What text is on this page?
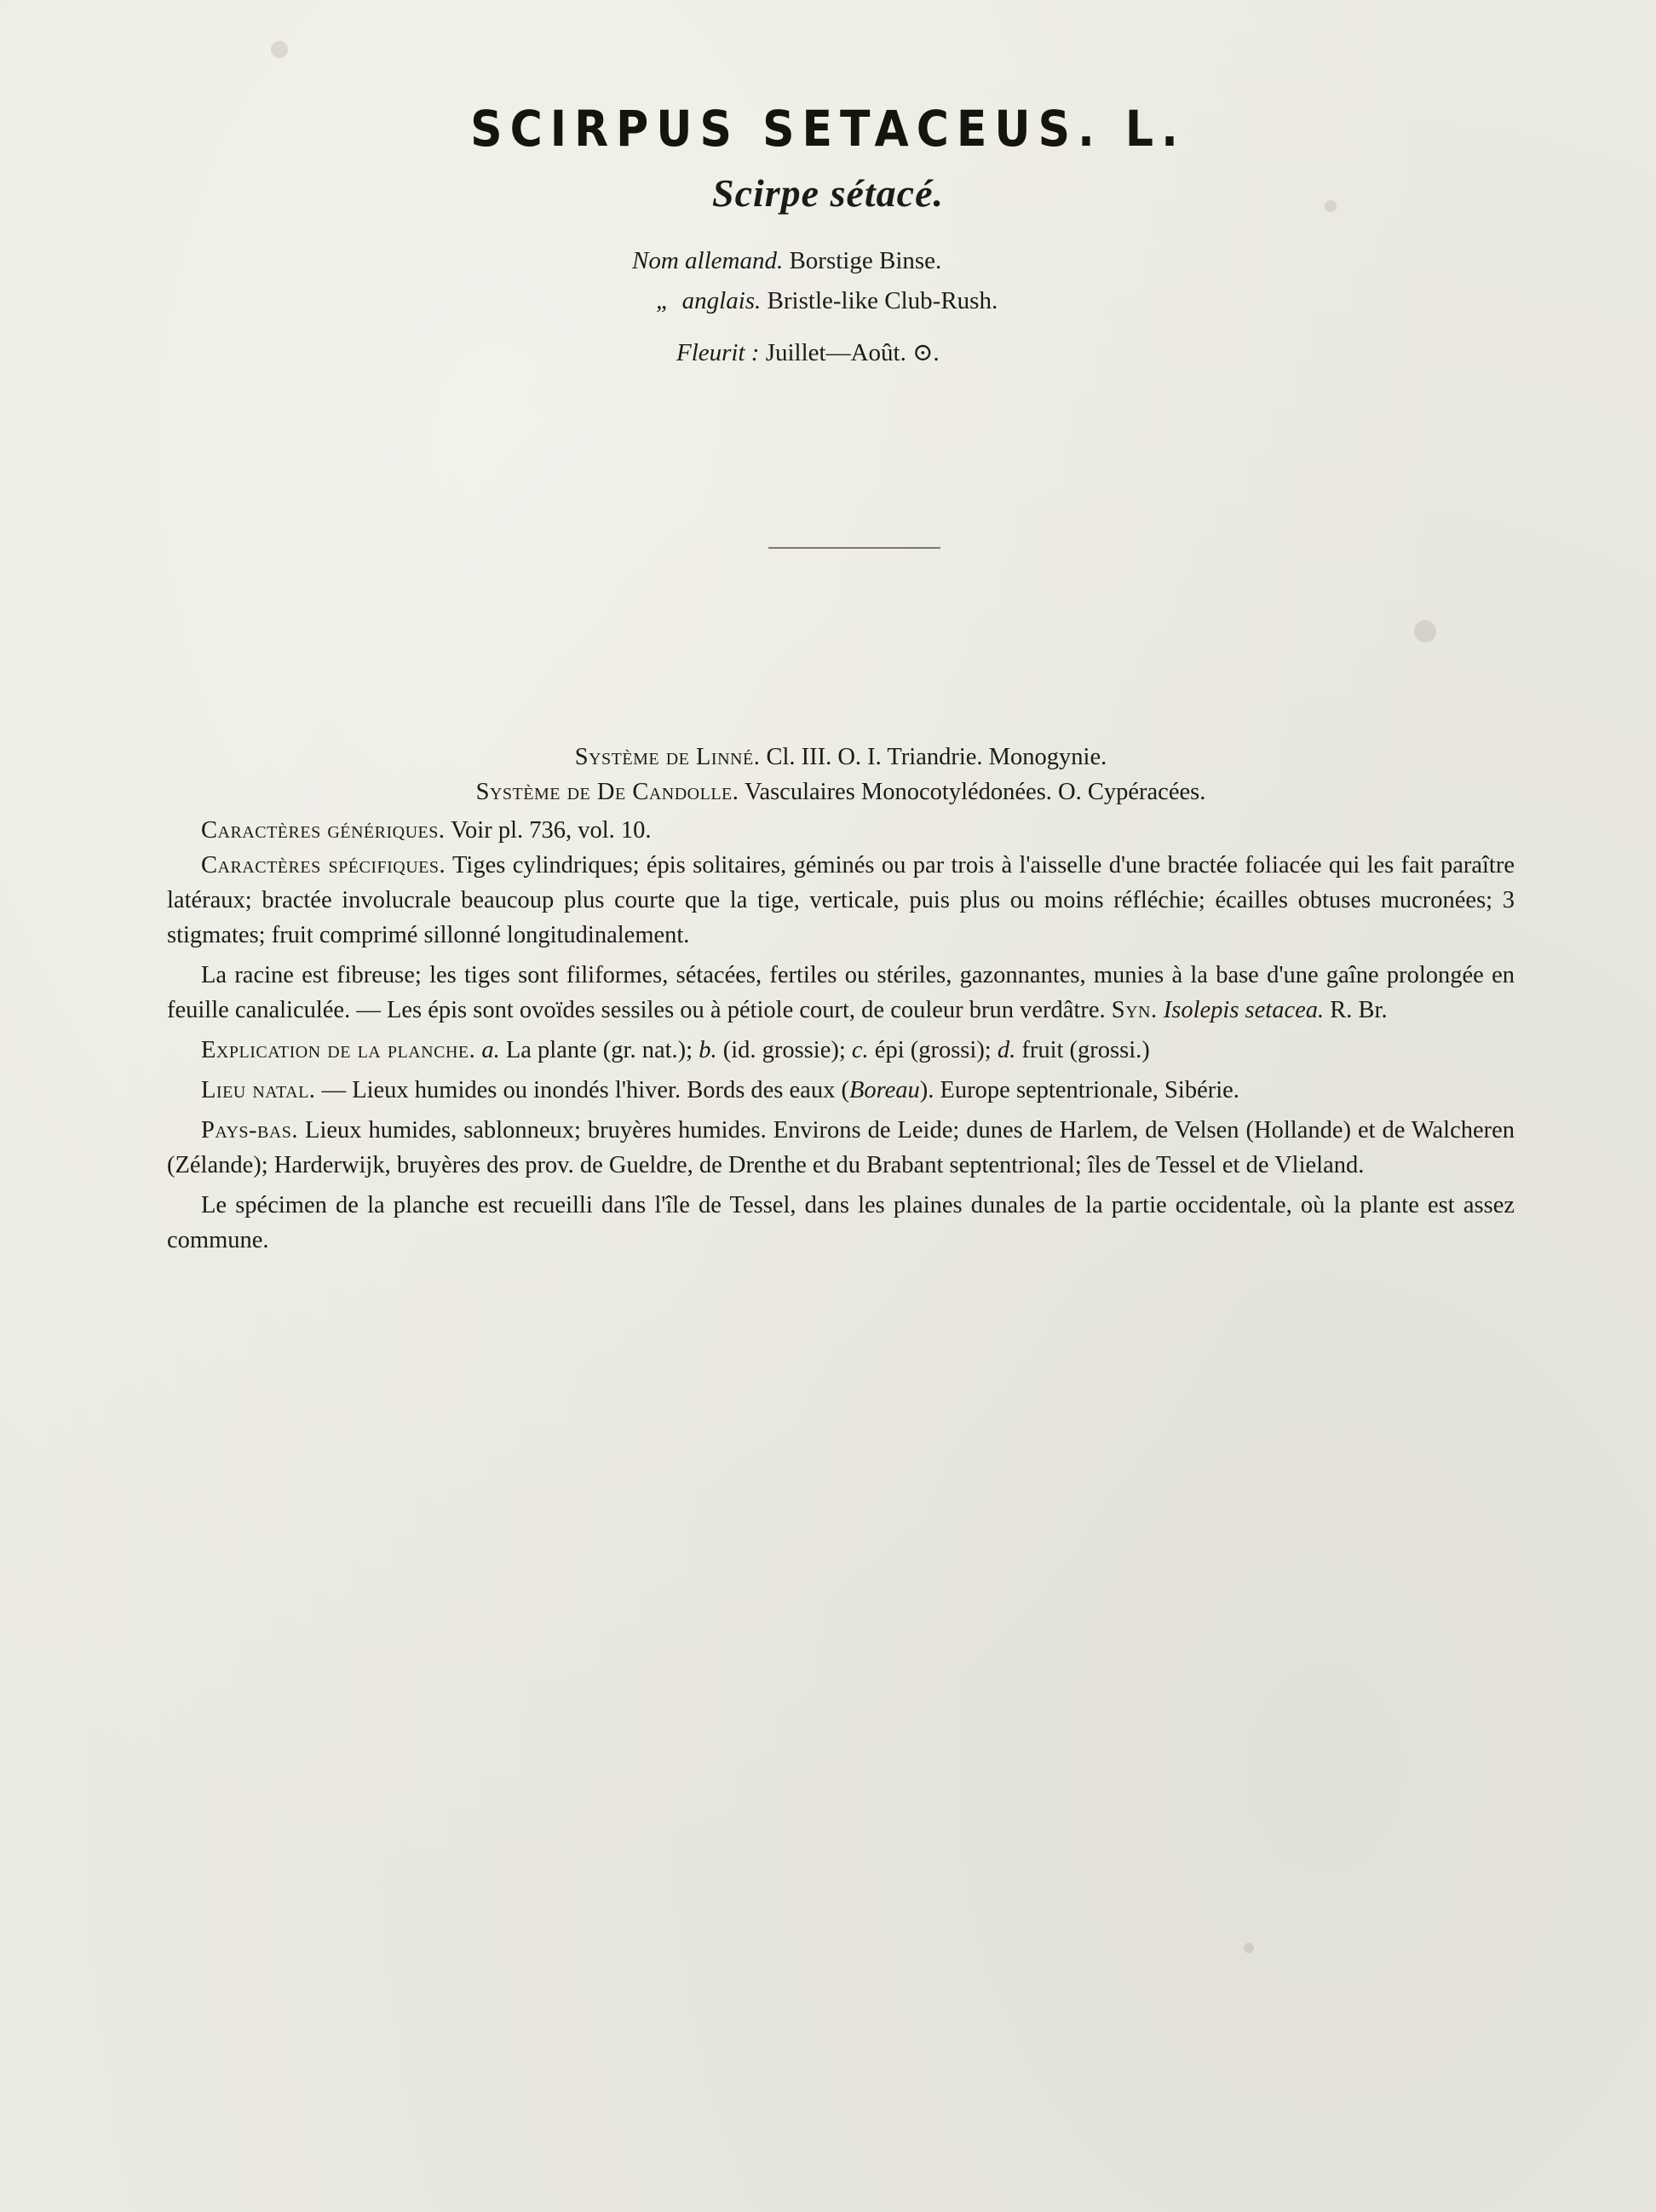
SCIRPUS SETACEUS. L.
Scirpe sétacé.
Nom allemand. Borstige Binse.
„ anglais. Bristle-like Club-Rush.
Fleurit : Juillet—Août. ⊙.

Système de Linné. Cl. III. O. I. Triandrie. Monogynie.

Système de De Candolle. Vasculaires Monocotylédonées. O. Cypéracées.

Caractères génériques. Voir pl. 736, vol. 10.

Caractères spécifiques. Tiges cylindriques; épis solitaires, géminés ou par trois à l'aisselle d'une bractée foliacée qui les fait paraître latéraux; bractée involucrale beaucoup plus courte que la tige, verticale, puis plus ou moins réfléchie; écailles obtuses mucronées; 3 stigmates; fruit comprimé sillonné longitudinalement.

La racine est fibreuse; les tiges sont filiformes, sétacées, fertiles ou stériles, gazonnantes, munies à la base d'une gaîne prolongée en feuille canaliculée. — Les épis sont ovoïdes sessiles ou à pétiole court, de couleur brun verdâtre. Syn. Isolepis setacea. R. Br.

Explication de la planche. a. La plante (gr. nat.); b. (id. grossie); c. épi (grossi); d. fruit (grossi.)

Lieu natal. — Lieux humides ou inondés l'hiver. Bords des eaux (Boreau). Europe septentrionale, Sibérie.

Pays-bas. Lieux humides, sablonneux; bruyères humides. Environs de Leide; dunes de Harlem, de Velsen (Hollande) et de Walcheren (Zélande); Harderwijk, bruyères des prov. de Gueldre, de Drenthe et du Brabant septentrional; îles de Tessel et de Vlieland.

Le spécimen de la planche est recueilli dans l'île de Tessel, dans les plaines dunales de la partie occidentale, où la plante est assez commune.
